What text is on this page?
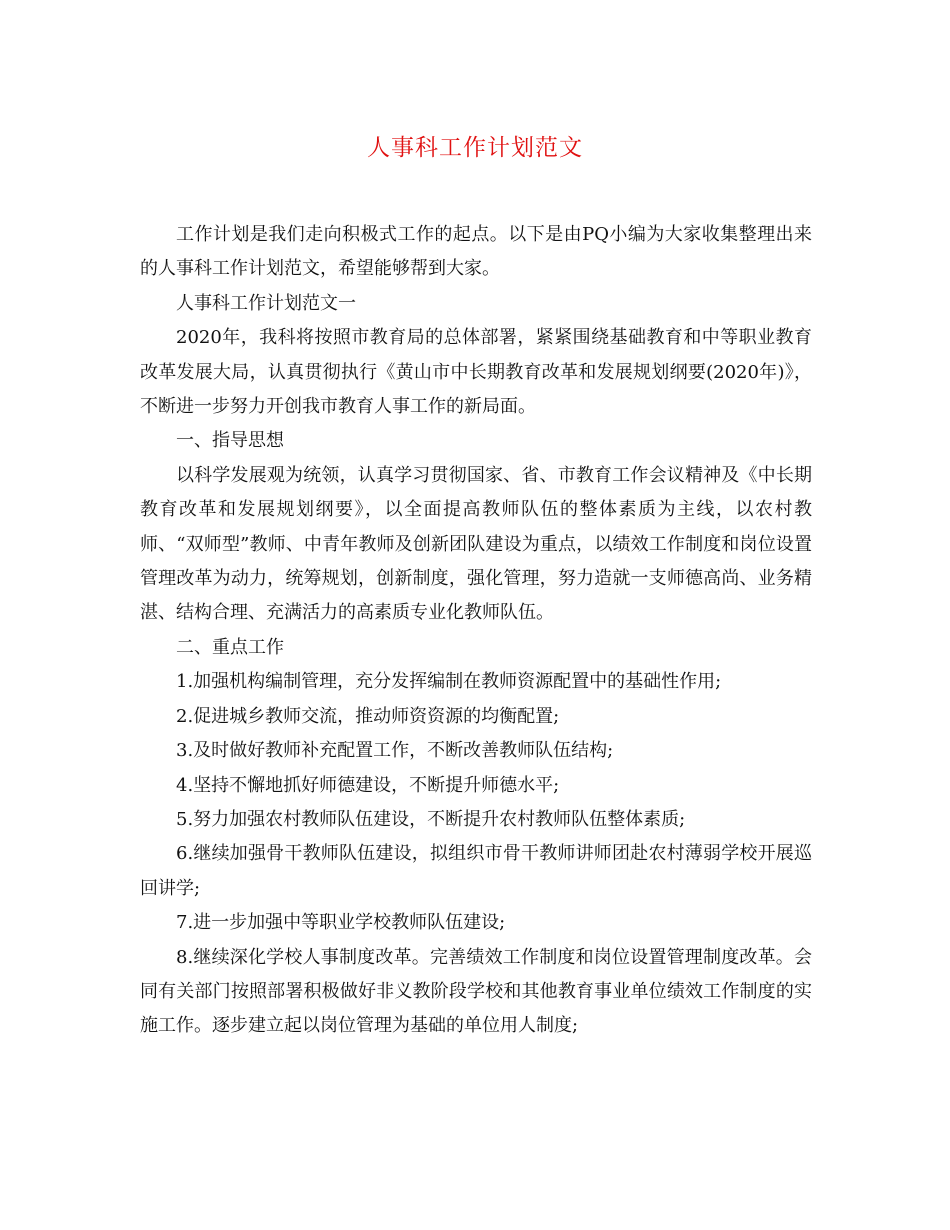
人事科工作计划范文

工作计划是我们走向积极式工作的起点。以下是由PQ小编为大家收集整理出来的人事科工作计划范文，希望能够帮到大家。

人事科工作计划范文一

2020年，我科将按照市教育局的总体部署，紧紧围绕基础教育和中等职业教育改革发展大局，认真贯彻执行《黄山市中长期教育改革和发展规划纲要(2020年)》，不断进一步努力开创我市教育人事工作的新局面。

一、指导思想

以科学发展观为统领，认真学习贯彻国家、省、市教育工作会议精神及《中长期教育改革和发展规划纲要》，以全面提高教师队伍的整体素质为主线，以农村教师、“双师型”教师、中青年教师及创新团队建设为重点，以绩效工作制度和岗位设置管理改革为动力，统筹规划，创新制度，强化管理，努力造就一支师德高尚、业务精湛、结构合理、充满活力的高素质专业化教师队伍。

二、重点工作

1.加强机构编制管理，充分发挥编制在教师资源配置中的基础性作用;

2.促进城乡教师交流，推动师资资源的均衡配置;

3.及时做好教师补充配置工作，不断改善教师队伍结构;

4.坚持不懈地抓好师德建设，不断提升师德水平;

5.努力加强农村教师队伍建设，不断提升农村教师队伍整体素质;

6.继续加强骨干教师队伍建设，拟组织市骨干教师讲师团赴农村薄弱学校开展巡回讲学;

7.进一步加强中等职业学校教师队伍建设;

8.继续深化学校人事制度改革。完善绩效工作制度和岗位设置管理制度改革。会同有关部门按照部署积极做好非义教阶段学校和其他教育事业单位绩效工作制度的实施工作。逐步建立起以岗位管理为基础的单位用人制度;
